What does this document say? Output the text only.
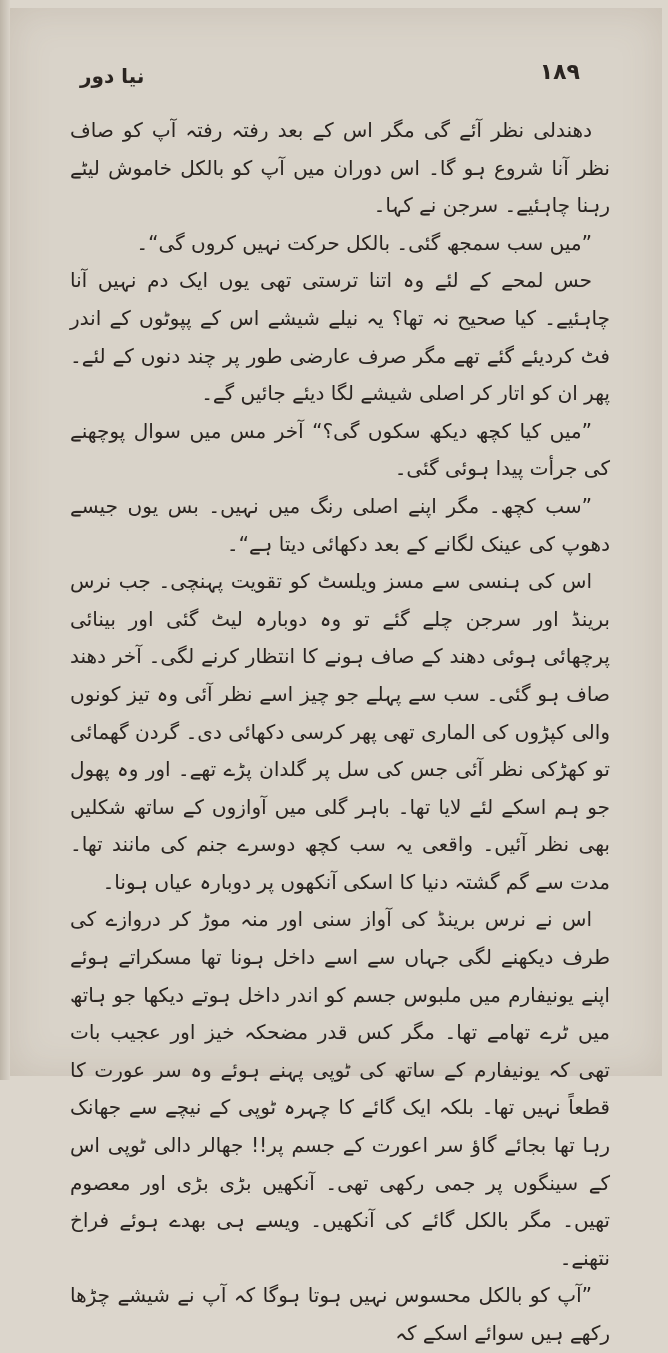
۱۸۹
نیا دور

دھندلی نظر آئے گی مگر اس کے بعد رفتہ رفتہ آپ کو صاف نظر آنا شروع ہو گا۔ اس دوران میں آپ کو بالکل خاموش لیٹے رہنا چاہئیے۔ سرجن نے کہا۔

”میں سب سمجھ گئی۔ بالکل حرکت نہیں کروں گی“۔

حس لمحے کے لئے وہ اتنا ترستی تھی یوں ایک دم نہیں آنا چاہئیے۔ کیا صحیح نہ تھا؟ یہ نیلے شیشے اس کے پپوٹوں کے اندر فٹ کردیئے گئے تھے مگر صرف عارضی طور پر چند دنوں کے لئے۔ پھر ان کو اتار کر اصلی شیشے لگا دیئے جائیں گے۔

”میں کیا کچھ دیکھ سکوں گی؟“ آخر مس میں سوال پوچھنے کی جرأت پیدا ہوئی گئی۔

”سب کچھ۔ مگر اپنے اصلی رنگ میں نہیں۔ بس یوں جیسے دھوپ کی عینک لگانے کے بعد دکھائی دیتا ہے“۔

اس کی ہنسی سے مسز ویلسٹ کو تقویت پہنچی۔ جب نرس برینڈ اور سرجن چلے گئے تو وہ دوبارہ لیٹ گئی اور بینائی پرچھائی ہوئی دھند کے صاف ہونے کا انتظار کرنے لگی۔ آخر دھند صاف ہو گئی۔ سب سے پہلے جو چیز اسے نظر آئی وہ تیز کونوں والی کپڑوں کی الماری تھی پھر کرسی دکھائی دی۔ گردن گھمائی تو کھڑکی نظر آئی جس کی سل پر گلدان پڑے تھے۔ اور وہ پھول جو ہم اسکے لئے لایا تھا۔ باہر گلی میں آوازوں کے ساتھ شکلیں بھی نظر آئیں۔ واقعی یہ سب کچھ دوسرے جنم کی مانند تھا۔ مدت سے گم گشتہ دنیا کا اسکی آنکھوں پر دوبارہ عیاں ہونا۔

اس نے نرس برینڈ کی آواز سنی اور منہ موڑ کر دروازے کی طرف دیکھنے لگی جہاں سے اسے داخل ہونا تھا مسکراتے ہوئے اپنے یونیفارم میں ملبوس جسم کو اندر داخل ہوتے دیکھا جو ہاتھ میں ٹرے تھامے تھا۔ مگر کس قدر مضحکہ خیز اور عجیب بات تھی کہ یونیفارم کے ساتھ کی ٹوپی پہنے ہوئے وہ سر عورت کا قطعاً نہیں تھا۔ بلکہ ایک گائے کا چہرہ ٹوپی کے نیچے سے جھانک رہا تھا بجائے گاؤ سر اعورت کے جسم پر!! جھالر دالی ٹوپی اس کے سینگوں پر جمی رکھی تھی۔ آنکھیں بڑی بڑی اور معصوم تھیں۔ مگر بالکل گائے کی آنکھیں۔ ویسے ہی بھدے ہوئے فراخ نتھنے۔

”آپ کو بالکل محسوس نہیں ہوتا ہوگا کہ آپ نے شیشے چڑھا رکھے ہیں سوائے اسکے کہ
